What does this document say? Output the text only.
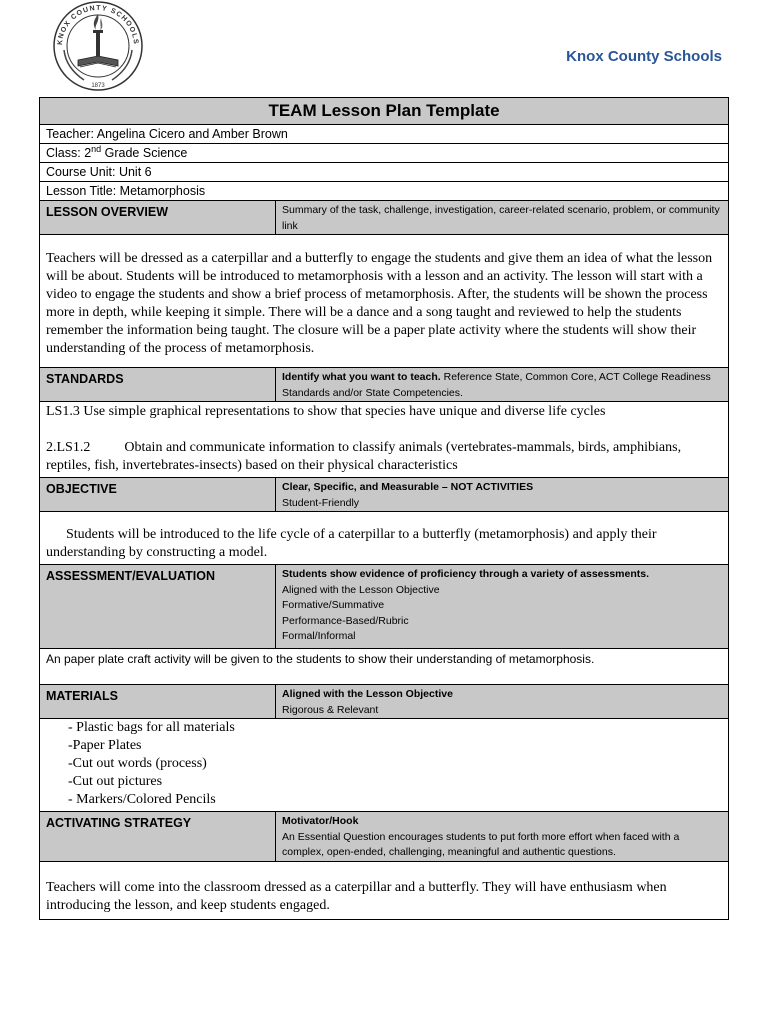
KNOX COUNTY SCHOOLS
1873
Knox County Schools
TEAM Lesson Plan Template	
Teacher: Angelina Cicero and Amber Brown	
Class: 2nd Grade Science	
Course Unit: Unit 6	
Lesson Title: Metamorphosis	
LESSON OVERVIEW	Summary of the task, challenge, investigation, career-related scenario, problem, or community link
Teachers will be dressed as a caterpillar and a butterfly to engage the students and give them an idea of what the lesson will be about. Students will be introduced to metamorphosis with a lesson and an activity. The lesson will start with a video to engage the students and show a brief process of metamorphosis. After, the students will be shown the process more in depth, while keeping it simple. There will be a dance and a song taught and reviewed to help the students remember the information being taught. The closure will be a paper plate activity where the students will show their understanding of the process of metamorphosis.	
STANDARDS	Identify what you want to teach. Reference State, Common Core, ACT College Readiness Standards and/or State Competencies.

LS1.3 Use simple graphical representations to show that species have unique and diverse life cycles
2.LS1.2 Obtain and communicate information to classify animals (vertebrates-mammals, birds, amphibians, reptiles, fish, invertebrates-insects) based on their physical characteristics	

OBJECTIVE	Clear, Specific, and Measurable – NOT ACTIVITIES
Student-Friendly

Students will be introduced to the life cycle of a caterpillar to a butterfly (metamorphosis) and apply their understanding by constructing a model.	
ASSESSMENT/EVALUATION	Students show evidence of proficiency through a variety of assessments.
Aligned with the Lesson Objective
Formative/Summative
Performance-Based/Rubric
Formal/Informal

An paper plate craft activity will be given to the students to show their understanding of metamorphosis.	
MATERIALS	Aligned with the Lesson Objective
Rigorous & Relevant

- Plastic bags for all materials
-Paper Plates
-Cut out words (process)
-Cut out pictures
- Markers/Colored Pencils	

ACTIVATING STRATEGY	Motivator/Hook
An Essential Question encourages students to put forth more effort when faced with a complex, open-ended, challenging, meaningful and authentic questions.

Teachers will come into the classroom dressed as a caterpillar and a butterfly. They will have enthusiasm when introducing the lesson, and keep students engaged.	
